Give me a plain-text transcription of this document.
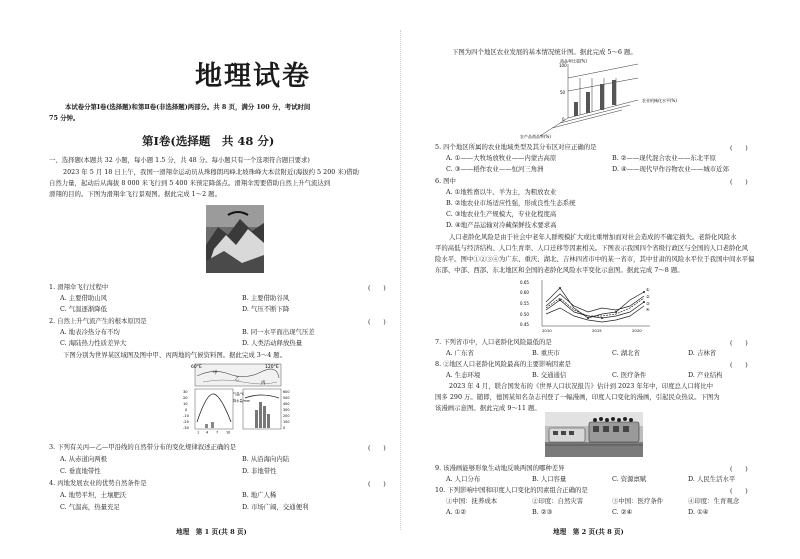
地理试卷
本试卷分第Ⅰ卷(选择题)和第Ⅱ卷(非选择题)两部分。共 8 页，满分 100 分，考试时间
75 分钟。
第Ⅰ卷(选择题　共 48 分)
一、选择题(本题共 32 小题，每小题 1.5 分，共 48 分。每小题只有一个选项符合题目要求)
2023 年 5 月 18 日上午，我国一滑翔伞运动员从珠穆朗玛峰北坡珠峰大本营附近(海拔约 5 200 米)借助
自然力量，起动后从海拔 8 000 米飞行到 5 400 米预定降落点。滑翔伞需要借助自然上升气流达到
滑翔的目的。下图为滑翔伞飞行景观图。据此完成 1～2 题。
1. 滑翔伞飞行过程中	(　　)
A. 主要借助山风	B. 主要借助谷风
C. 气温逐渐降低	D. 气压不断下降
2. 自然上升气流产生的根本原因是	(　　)
A. 地表冷热分布不均	B. 同一水平面出现气压差
C. 海陆热力性质差异大	D. 人类活动释放热量
下图分别为世界某区域图及图中甲、丙两地的气候资料图。据此完成 3～4 题。
60°E	120°E
甲
乙
丙
30
20
10
0
-10
-20
-30
600
500
400
300
200
100
0
1 4 7 10
气温/℃
降水量/mm
3. 下列有关丙—乙—甲沿线的自然带分布的变化规律叙述正确的是	(　　)
A. 从赤道向两极	B. 从沿海向内陆
C. 垂直地带性	D. 非地带性
4. 丙地发展农业的优势自然条件是	(　　)
A. 地势平坦，土壤肥沃	B. 地广人稀
C. 气温高，热量充足	D. 市场广阔，交通便利
地理　第 1 页(共 8 页)
下图为四个地区农业发展的基本情况统计图。据此完成 5～6 题。
商品率比重(%)
农业机械化水平(%)
农产品商品率(%)
100
50
0
5. 四个地区所属的农业地域类型及其分布区对应正确的是	(　　)
A. ①——大牧场放牧业——内蒙古高原	B. ②——现代混合农业——东北平原
C. ③——稻作农业——恒河三角洲	D. ④——现代早作谷物农业——城市近郊
6. 图中	(　　)
A. ①地牲畜以牛、羊为主，为粗放农业
B. ②地农业市场适应性强，形成良性生态系统
C. ③地农业生产规模大，专业化程度高
D. ④地产品运输对冷藏保鲜技术要求高
人口老龄化风险是由于社会中老年人群规模扩大或比重增加而对社会造成的不确定损失。老龄化风险水
平的高低与经济结构、人口生育率、人口迁移等因素相关。下图表示我国四个省级行政区与全国的人口老龄化风
险水平。图中①②③④为广东、重庆、湖北、吉林四省市中的某一省市，其中甘肃的风险水平位于我国中间水平偏
东部、中部、西部、东北地区和全国的老龄化风险水平变化示意图。据此完成 7～8 题。
0.65
0.60
0.55
0.50
0.45
2010	2015	2020
①
②
③
④
7. 下列省市中，人口老龄化风险最低的是	(　　)
A. 广东省	B. 重庆市	C. 湖北省	D. 吉林省
8. ②地区人口老龄化风险最高的主要影响因素是	(　　)
A. 生态环境	B. 交通通信	C. 医疗条件	D. 产业结构
2023 年 4 月，联合国发布的《世界人口状况报告》估计到 2023 年年中，印度总人口将比中
国多 290 万。随即，德国某知名杂志刊登了一幅漫画，印度人口变化的漫画，引起民众热议。下图为
该漫画示意图。据此完成 9～11 题。
9. 该漫画能够形象生动地反映两国的哪种差异	(　　)
A. 人口分布	B. 人口容量	C. 资源禀赋	D. 人民生活水平
10. 下列影响中国和印度人口变化的因素组合正确的是	(　　)
①中国：抚养成本	②印度：自然灾害	③中国：医疗条件	④印度：生育观念
A. ①②	B. ②③	C. ②④	D. ①④
地理　第 2 页(共 8 页)
